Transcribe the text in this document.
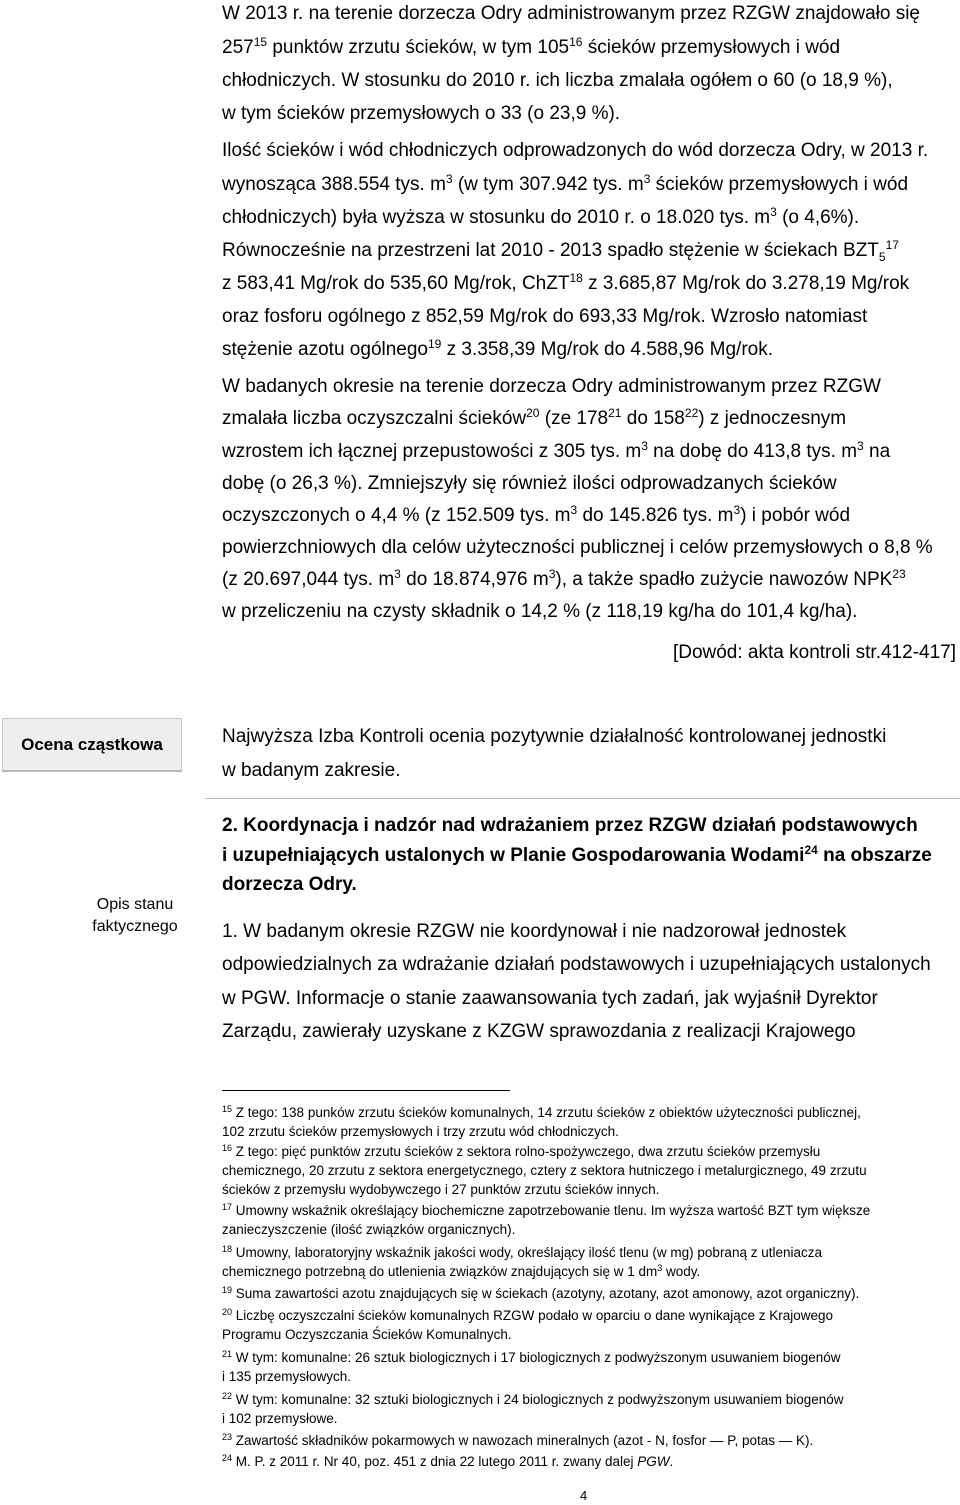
W 2013 r. na terenie dorzecza Odry administrowanym przez RZGW znajdowało się
$257^{15}$ punktów zrzutu ścieków, w tym $105^{16}$ ścieków przemysłowych i wód
chłodniczych. W stosunku do 2010 r. ich liczba zmalała ogółem o 60 (o 18,9 %),
w tym ścieków przemysłowych o 33 (o 23,9 %).
Ilość ścieków i wód chłodniczych odprowadzonych do wód dorzecza Odry, w 2013 r.
wynosząca 388.554 tys. $m^3$ (w tym 307.942 tys. $m^3$ ścieków przemysłowych i wód
chłodniczych) była wyższa w stosunku do 2010 r. o 18.020 tys. $m^3$ (o 4,6%).
Równocześnie na przestrzeni lat 2010 - 2013 spadło stężenie w ściekach $BZT_5^{17}$
z 583,41 Mg/rok do 535,60 Mg/rok, ChZT$^{18}$ z 3.685,87 Mg/rok do 3.278,19 Mg/rok
oraz fosforu ogólnego z 852,59 Mg/rok do 693,33 Mg/rok. Wzrosło natomiast
stężenie azotu ogólnego$^{19}$ z 3.358,39 Mg/rok do 4.588,96 Mg/rok.
W badanych okresie na terenie dorzecza Odry administrowanym przez RZGW
zmalała liczba oczyszczalni ścieków$^{20}$ (ze $178^{21}$ do $158^{22}$) z jednoczesnym
wzrostem ich łącznej przepustowości z 305 tys. $m^3$ na dobę do 413,8 tys. $m^3$ na
dobę (o 26,3 %). Zmniejszyły się również ilości odprowadzanych ścieków
oczyszczonych o 4,4 % (z 152.509 tys. $m^3$ do 145.826 tys. $m^3$) i pobór wód
powierzchniowych dla celów użyteczności publicznej i celów przemysłowych o 8,8 %
(z 20.697,044 tys. $m^3$ do 18.874,976 $m^3$), a także spadło zużycie nawozów NPK$^{23}$
w przeliczeniu na czysty składnik o 14,2 % (z 118,19 kg/ha do 101,4 kg/ha).
[Dowód: akta kontroli str.412-417]
Ocena cząstkowa
Opis stanu
faktycznego
Najwyższa Izba Kontroli ocenia pozytywnie działalność kontrolowanej jednostki
w badanym zakresie.
2. Koordynacja i nadzór nad wdrażaniem przez RZGW działań podstawowych
i uzupełniających ustalonych w Planie Gospodarowania Wodami$^{24}$ na obszarze
dorzecza Odry.
1. W badanym okresie RZGW nie koordynował i nie nadzorował jednostek
odpowiedzialnych za wdrażanie działań podstawowych i uzupełniających ustalonych
w PGW. Informacje o stanie zaawansowania tych zadań, jak wyjaśnił Dyrektor
Zarządu, zawierały uzyskane z KZGW sprawozdania z realizacji Krajowego
$^{15}$ Z tego: 138 punków zrzutu ścieków komunalnych, 14 zrzutu ścieków z obiektów użyteczności publicznej,
102 zrzutu ścieków przemysłowych i trzy zrzutu wód chłodniczych.
$^{16}$ Z tego: pięć punktów zrzutu ścieków z sektora rolno-spożywczego, dwa zrzutu ścieków przemysłu
chemicznego, 20 zrzutu z sektora energetycznego, cztery z sektora hutniczego i metalurgicznego, 49 zrzutu
ścieków z przemysłu wydobywczego i 27 punktów zrzutu ścieków innych.
$^{17}$ Umowny wskaźnik określający biochemiczne zapotrzebowanie tlenu. Im wyższa wartość BZT tym większe
zanieczyszczenie (ilość związków organicznych).
$^{18}$ Umowny, laboratoryjny wskaźnik jakości wody, określający ilość tlenu (w mg) pobraną z utleniacza
chemicznego potrzebną do utlenienia związków znajdujących się w 1 $dm^3$ wody.
$^{19}$ Suma zawartości azotu znajdujących się w ściekach (azotyny, azotany, azot amonowy, azot organiczny).
$^{20}$ Liczbę oczyszczalni ścieków komunalnych RZGW podało w oparciu o dane wynikające z Krajowego
Programu Oczyszczania Ścieków Komunalnych.
$^{21}$ W tym: komunalne: 26 sztuk biologicznych i 17 biologicznych z podwyższonym usuwaniem biogenów
i 135 przemysłowych.
$^{22}$ W tym: komunalne: 32 sztuki biologicznych i 24 biologicznych z podwyższonym usuwaniem biogenów
i 102 przemysłowe.
$^{23}$ Zawartość składników pokarmowych w nawozach mineralnych (azot - N, fosfor — P, potas — K).
$^{24}$ M. P. z 2011 r. Nr 40, poz. 451 z dnia 22 lutego 2011 r. zwany dalej PGW.
4
